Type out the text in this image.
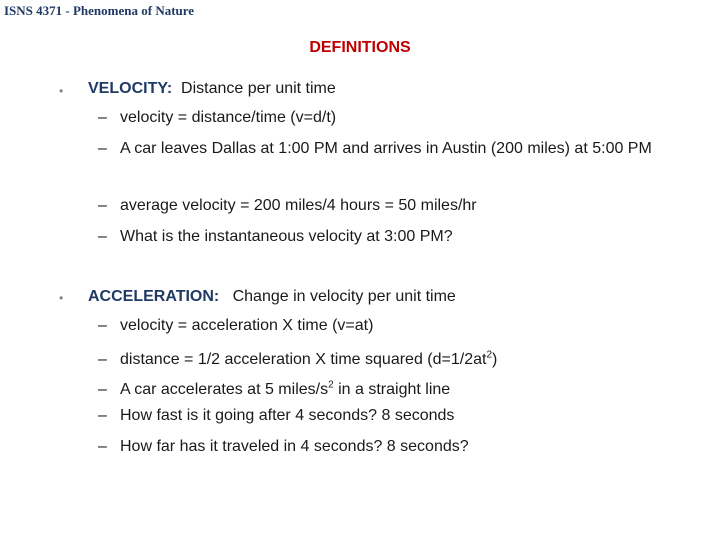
ISNS 4371 - Phenomena of Nature
DEFINITIONS
• VELOCITY: Distance per unit time
– velocity = distance/time (v=d/t)
– A car leaves Dallas at 1:00 PM and arrives in Austin (200 miles) at 5:00 PM
– average velocity = 200 miles/4 hours = 50 miles/hr
– What is the instantaneous velocity at 3:00 PM?
• ACCELERATION: Change in velocity per unit time
– velocity = acceleration X time (v=at)
– distance = 1/2 acceleration X time squared $(d=1/2at^2)$
– A car accelerates at 5 miles/$s^2$ in a straight line
– How fast is it going after 4 seconds? 8 seconds
– How far has it traveled in 4 seconds? 8 seconds?
